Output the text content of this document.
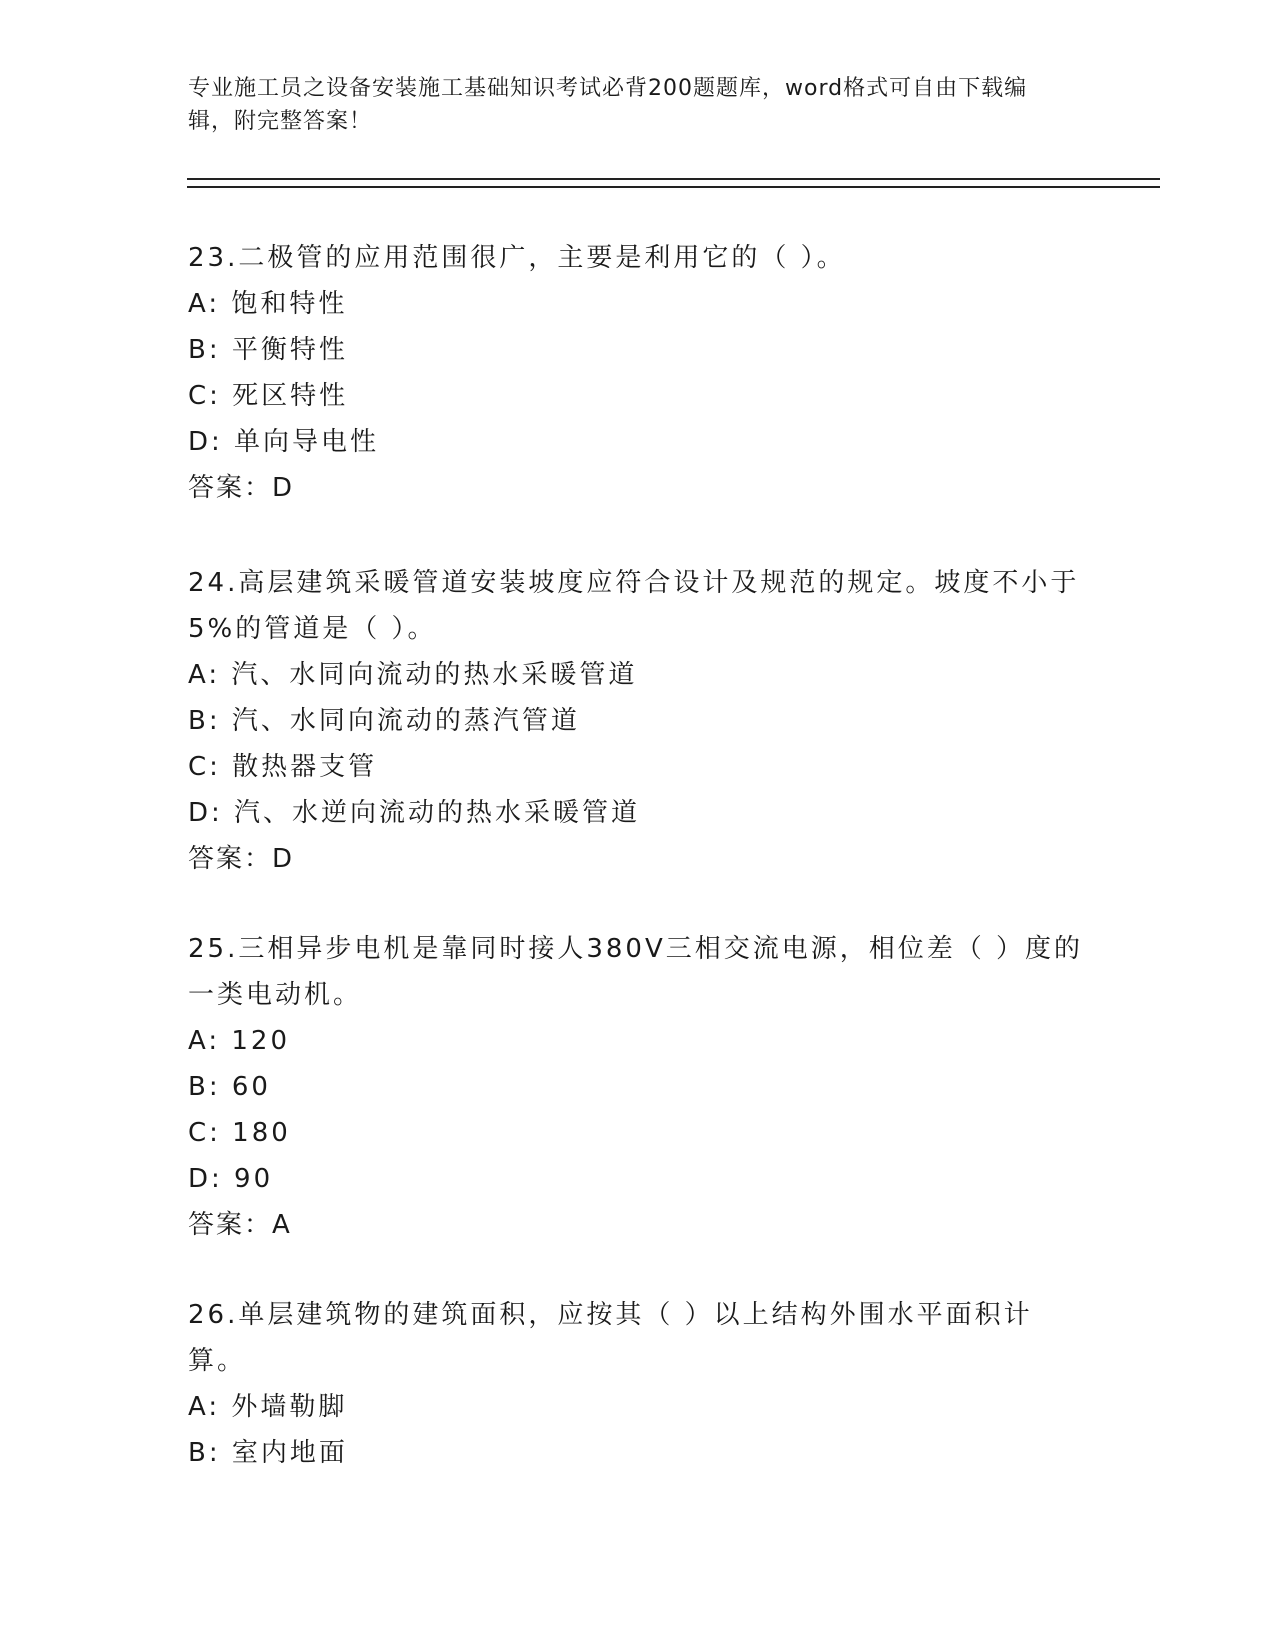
专业施工员之设备安装施工基础知识考试必背200题题库，word格式可自由下载编辑，附完整答案！

23.二极管的应用范围很广，主要是利用它的（ ）。

A: 饱和特性

B: 平衡特性

C: 死区特性

D: 单向导电性

答案：D

24.高层建筑采暖管道安装坡度应符合设计及规范的规定。坡度不小于5%的管道是（ ）。

A: 汽、水同向流动的热水采暖管道

B: 汽、水同向流动的蒸汽管道

C: 散热器支管

D: 汽、水逆向流动的热水采暖管道

答案：D

25.三相异步电机是靠同时接人380V三相交流电源，相位差（ ）度的一类电动机。

A: 120

B: 60

C: 180

D: 90

答案：A

26.单层建筑物的建筑面积，应按其（ ）以上结构外围水平面积计算。

A: 外墙勒脚

B: 室内地面
